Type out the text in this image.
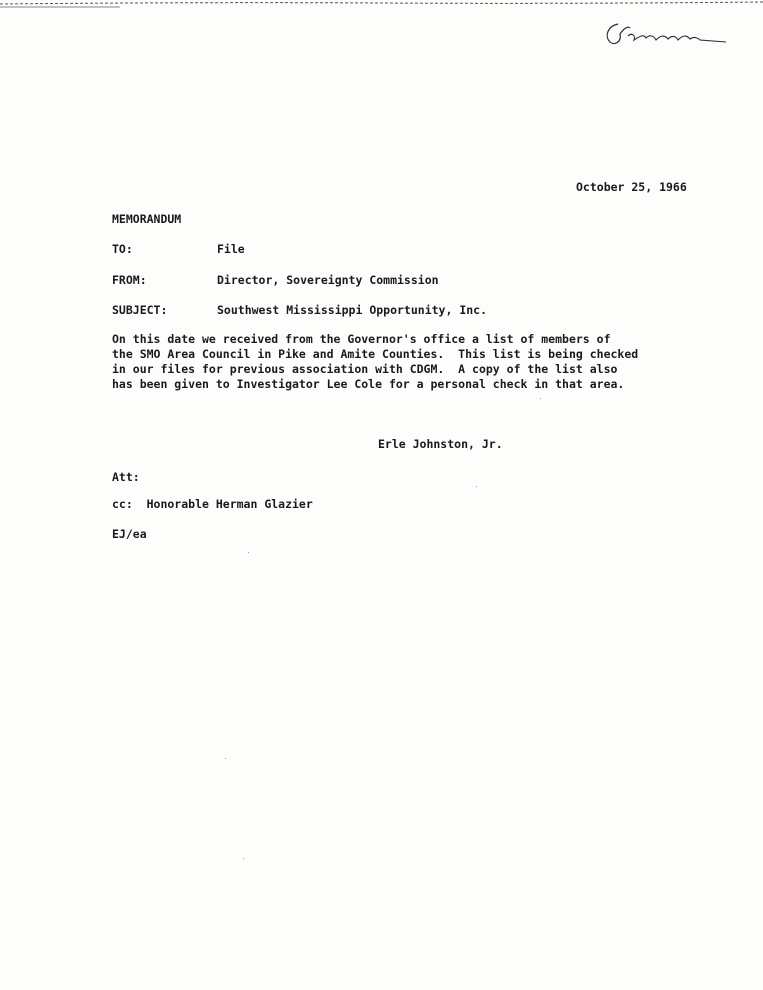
October 25, 1966
MEMORANDUM
TO:	File
FROM:	Director, Sovereignty Commission
SUBJECT:	Southwest Mississippi Opportunity, Inc.
On this date we received from the Governor's office a list of members of
the SMO Area Council in Pike and Amite Counties.  This list is being checked
in our files for previous association with CDGM.  A copy of the list also
has been given to Investigator Lee Cole for a personal check in that area.
Erle Johnston, Jr.
Att:
cc:  Honorable Herman Glazier
EJ/ea
